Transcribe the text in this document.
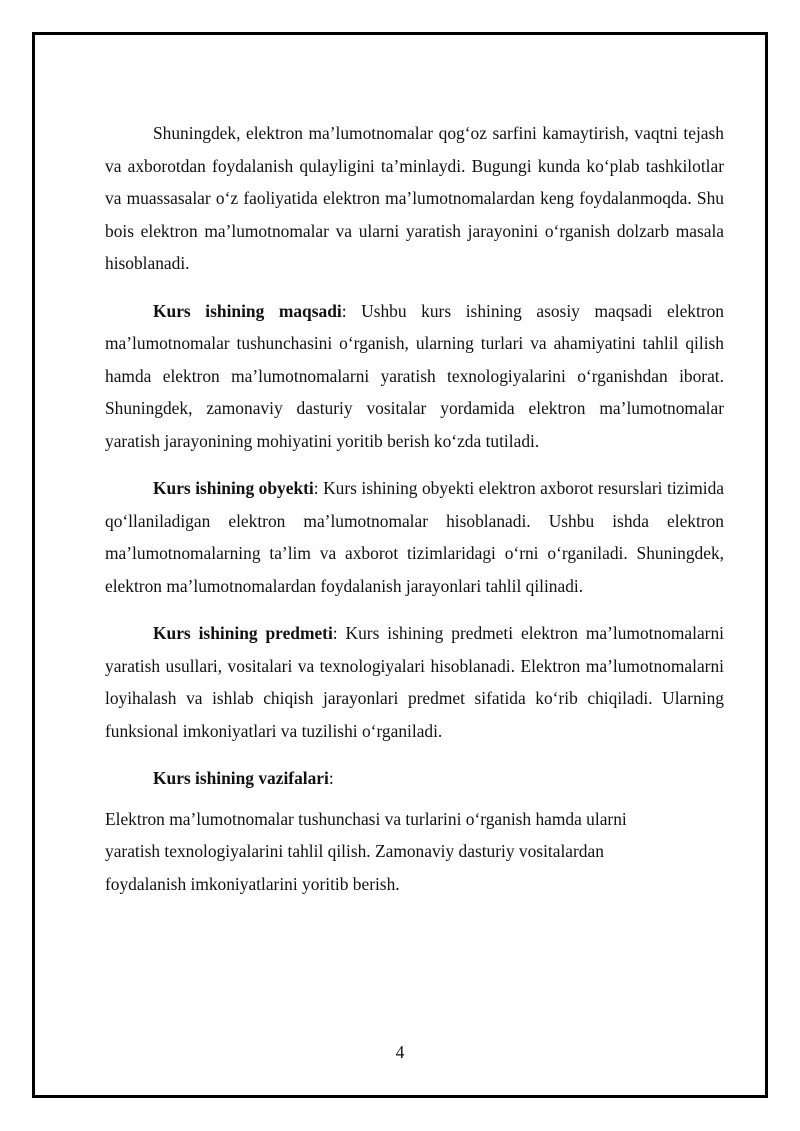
Shuningdek, elektron ma’lumotnomalar qog‘oz sarfini kamaytirish, vaqtni tejash va axborotdan foydalanish qulayligini ta’minlaydi. Bugungi kunda ko‘plab tashkilotlar va muassasalar o‘z faoliyatida elektron ma’lumotnomalardan keng foydalanmoqda. Shu bois elektron ma’lumotnomalar va ularni yaratish jarayonini o‘rganish dolzarb masala hisoblanadi.

Kurs ishining maqsadi: Ushbu kurs ishining asosiy maqsadi elektron ma’lumotnomalar tushunchasini o‘rganish, ularning turlari va ahamiyatini tahlil qilish hamda elektron ma’lumotnomalarni yaratish texnologiyalarini o‘rganishdan iborat. Shuningdek, zamonaviy dasturiy vositalar yordamida elektron ma’lumotnomalar yaratish jarayonining mohiyatini yoritib berish ko‘zda tutiladi.

Kurs ishining obyekti: Kurs ishining obyekti elektron axborot resurslari tizimida qo‘llaniladigan elektron ma’lumotnomalar hisoblanadi. Ushbu ishda elektron ma’lumotnomalarning ta’lim va axborot tizimlaridagi o‘rni o‘rganiladi. Shuningdek, elektron ma’lumotnomalardan foydalanish jarayonlari tahlil qilinadi.

Kurs ishining predmeti: Kurs ishining predmeti elektron ma’lumotnomalarni yaratish usullari, vositalari va texnologiyalari hisoblanadi. Elektron ma’lumotnomalarni loyihalash va ishlab chiqish jarayonlari predmet sifatida ko‘rib chiqiladi. Ularning funksional imkoniyatlari va tuzilishi o‘rganiladi.

Kurs ishining vazifalari:

Elektron ma’lumotnomalar tushunchasi va turlarini o‘rganish hamda ularni
yaratish texnologiyalarini tahlil qilish. Zamonaviy dasturiy vositalardan
foydalanish imkoniyatlarini yoritib berish.

4
